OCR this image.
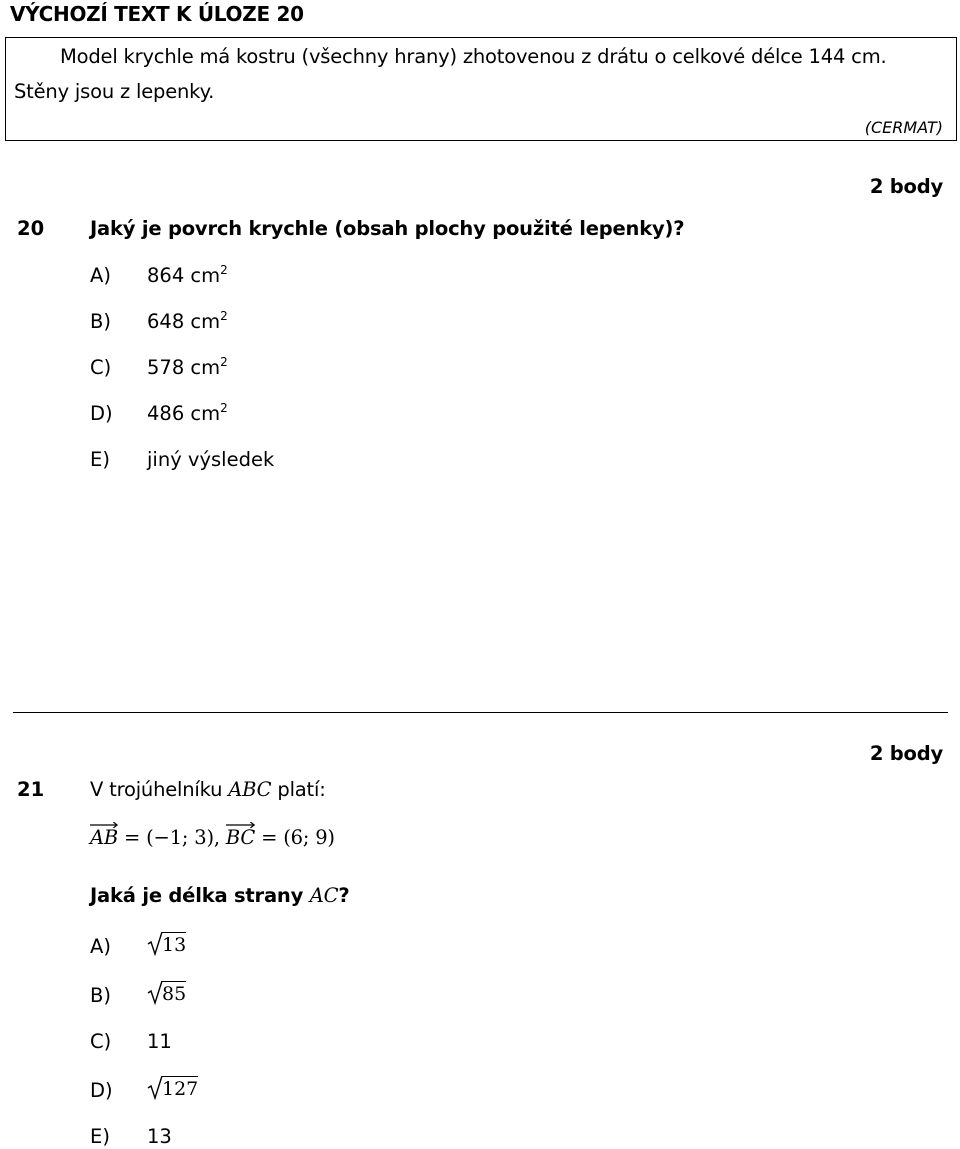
VÝCHOZÍ TEXT K ÚLOZE 20
Model krychle má kostru (všechny hrany) zhotovenou z drátu o celkové délce 144 cm.
Stěny jsou z lepenky.
(CERMAT)
2 body
20 Jaký je povrch krychle (obsah plochy použité lepenky)?
A) 864 $cm^2$
B) 648 $cm^2$
C) 578 $cm^2$
D) 486 $cm^2$
E) jiný výsledek
2 body
21 V trojúhelníku ABC platí:
AB = (−1; 3),
BC = (6; 9)
Jaká je délka strany AC?
A)	13
B)	85
C) 11
D)	127
E) 13
